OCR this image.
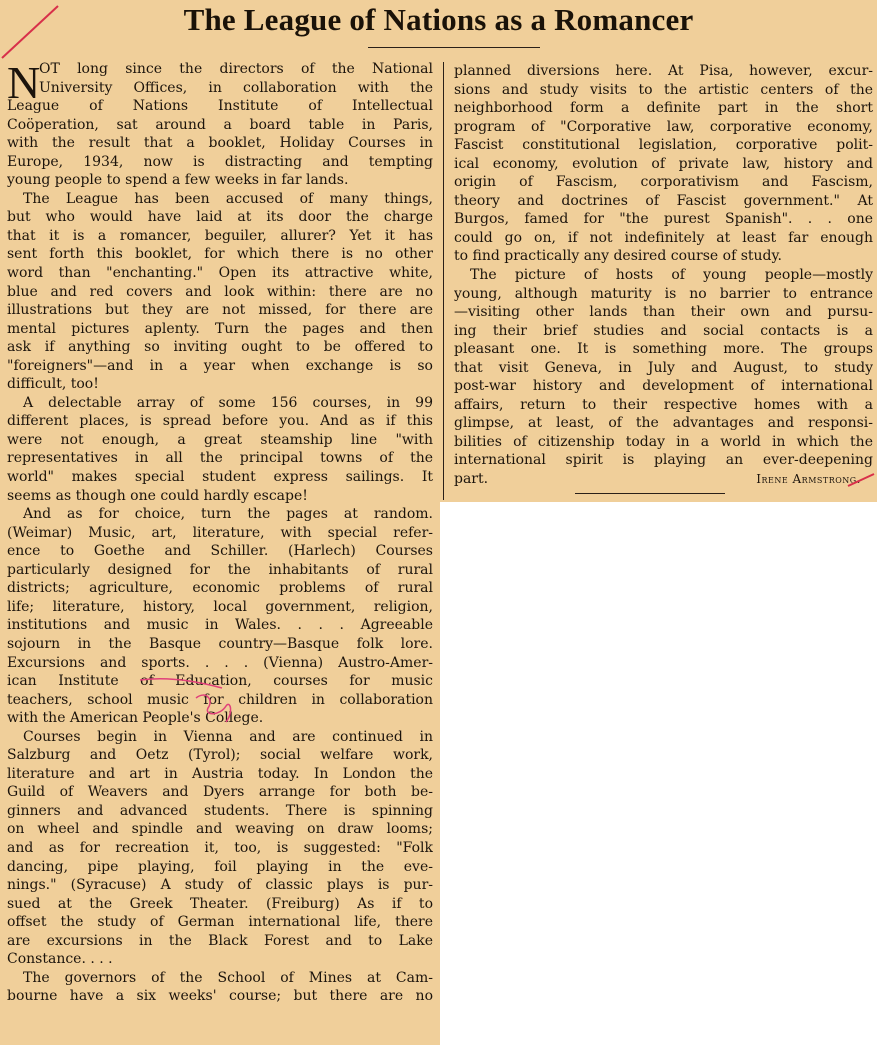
The League of Nations as a Romancer
N
OT long since the directors of the National
University Offices, in collaboration with the
League of Nations Institute of Intellectual
Coöperation, sat around a board table in Paris,
with the result that a booklet, Holiday Courses in
Europe, 1934, now is distracting and tempting
young people to spend a few weeks in far lands.
The League has been accused of many things,
but who would have laid at its door the charge
that it is a romancer, beguiler, allurer? Yet it has
sent forth this booklet, for which there is no other
word than "enchanting." Open its attractive white,
blue and red covers and look within: there are no
illustrations but they are not missed, for there are
mental pictures aplenty. Turn the pages and then
ask if anything so inviting ought to be offered to
"foreigners"—and in a year when exchange is so
difficult, too!
A delectable array of some 156 courses, in 99
different places, is spread before you. And as if this
were not enough, a great steamship line "with
representatives in all the principal towns of the
world" makes special student express sailings. It
seems as though one could hardly escape!
And as for choice, turn the pages at random.
(Weimar) Music, art, literature, with special refer-
ence to Goethe and Schiller. (Harlech) Courses
particularly designed for the inhabitants of rural
districts; agriculture, economic problems of rural
life; literature, history, local government, religion,
institutions and music in Wales. . . . Agreeable
sojourn in the Basque country—Basque folk lore.
Excursions and sports. . . . (Vienna) Austro-Amer-
ican Institute of Education, courses for music
teachers, school music for children in collaboration
with the American People's College.
Courses begin in Vienna and are continued in
Salzburg and Oetz (Tyrol); social welfare work,
literature and art in Austria today. In London the
Guild of Weavers and Dyers arrange for both be-
ginners and advanced students. There is spinning
on wheel and spindle and weaving on draw looms;
and as for recreation it, too, is suggested: "Folk
dancing, pipe playing, foil playing in the eve-
nings." (Syracuse) A study of classic plays is pur-
sued at the Greek Theater. (Freiburg) As if to
offset the study of German international life, there
are excursions in the Black Forest and to Lake
Constance. . . .
The governors of the School of Mines at Cam-
bourne have a six weeks' course; but there are no
planned diversions here. At Pisa, however, excur-
sions and study visits to the artistic centers of the
neighborhood form a definite part in the short
program of "Corporative law, corporative economy,
Fascist constitutional legislation, corporative polit-
ical economy, evolution of private law, history and
origin of Fascism, corporativism and Fascism,
theory and doctrines of Fascist government." At
Burgos, famed for "the purest Spanish". . . one
could go on, if not indefinitely at least far enough
to find practically any desired course of study.
The picture of hosts of young people—mostly
young, although maturity is no barrier to entrance
—visiting other lands than their own and pursu-
ing their brief studies and social contacts is a
pleasant one. It is something more. The groups
that visit Geneva, in July and August, to study
post-war history and development of international
affairs, return to their respective homes with a
glimpse, at least, of the advantages and responsi-
bilities of citizenship today in a world in which the
international spirit is playing an ever-deepening
part.	Irene Armstrong.
